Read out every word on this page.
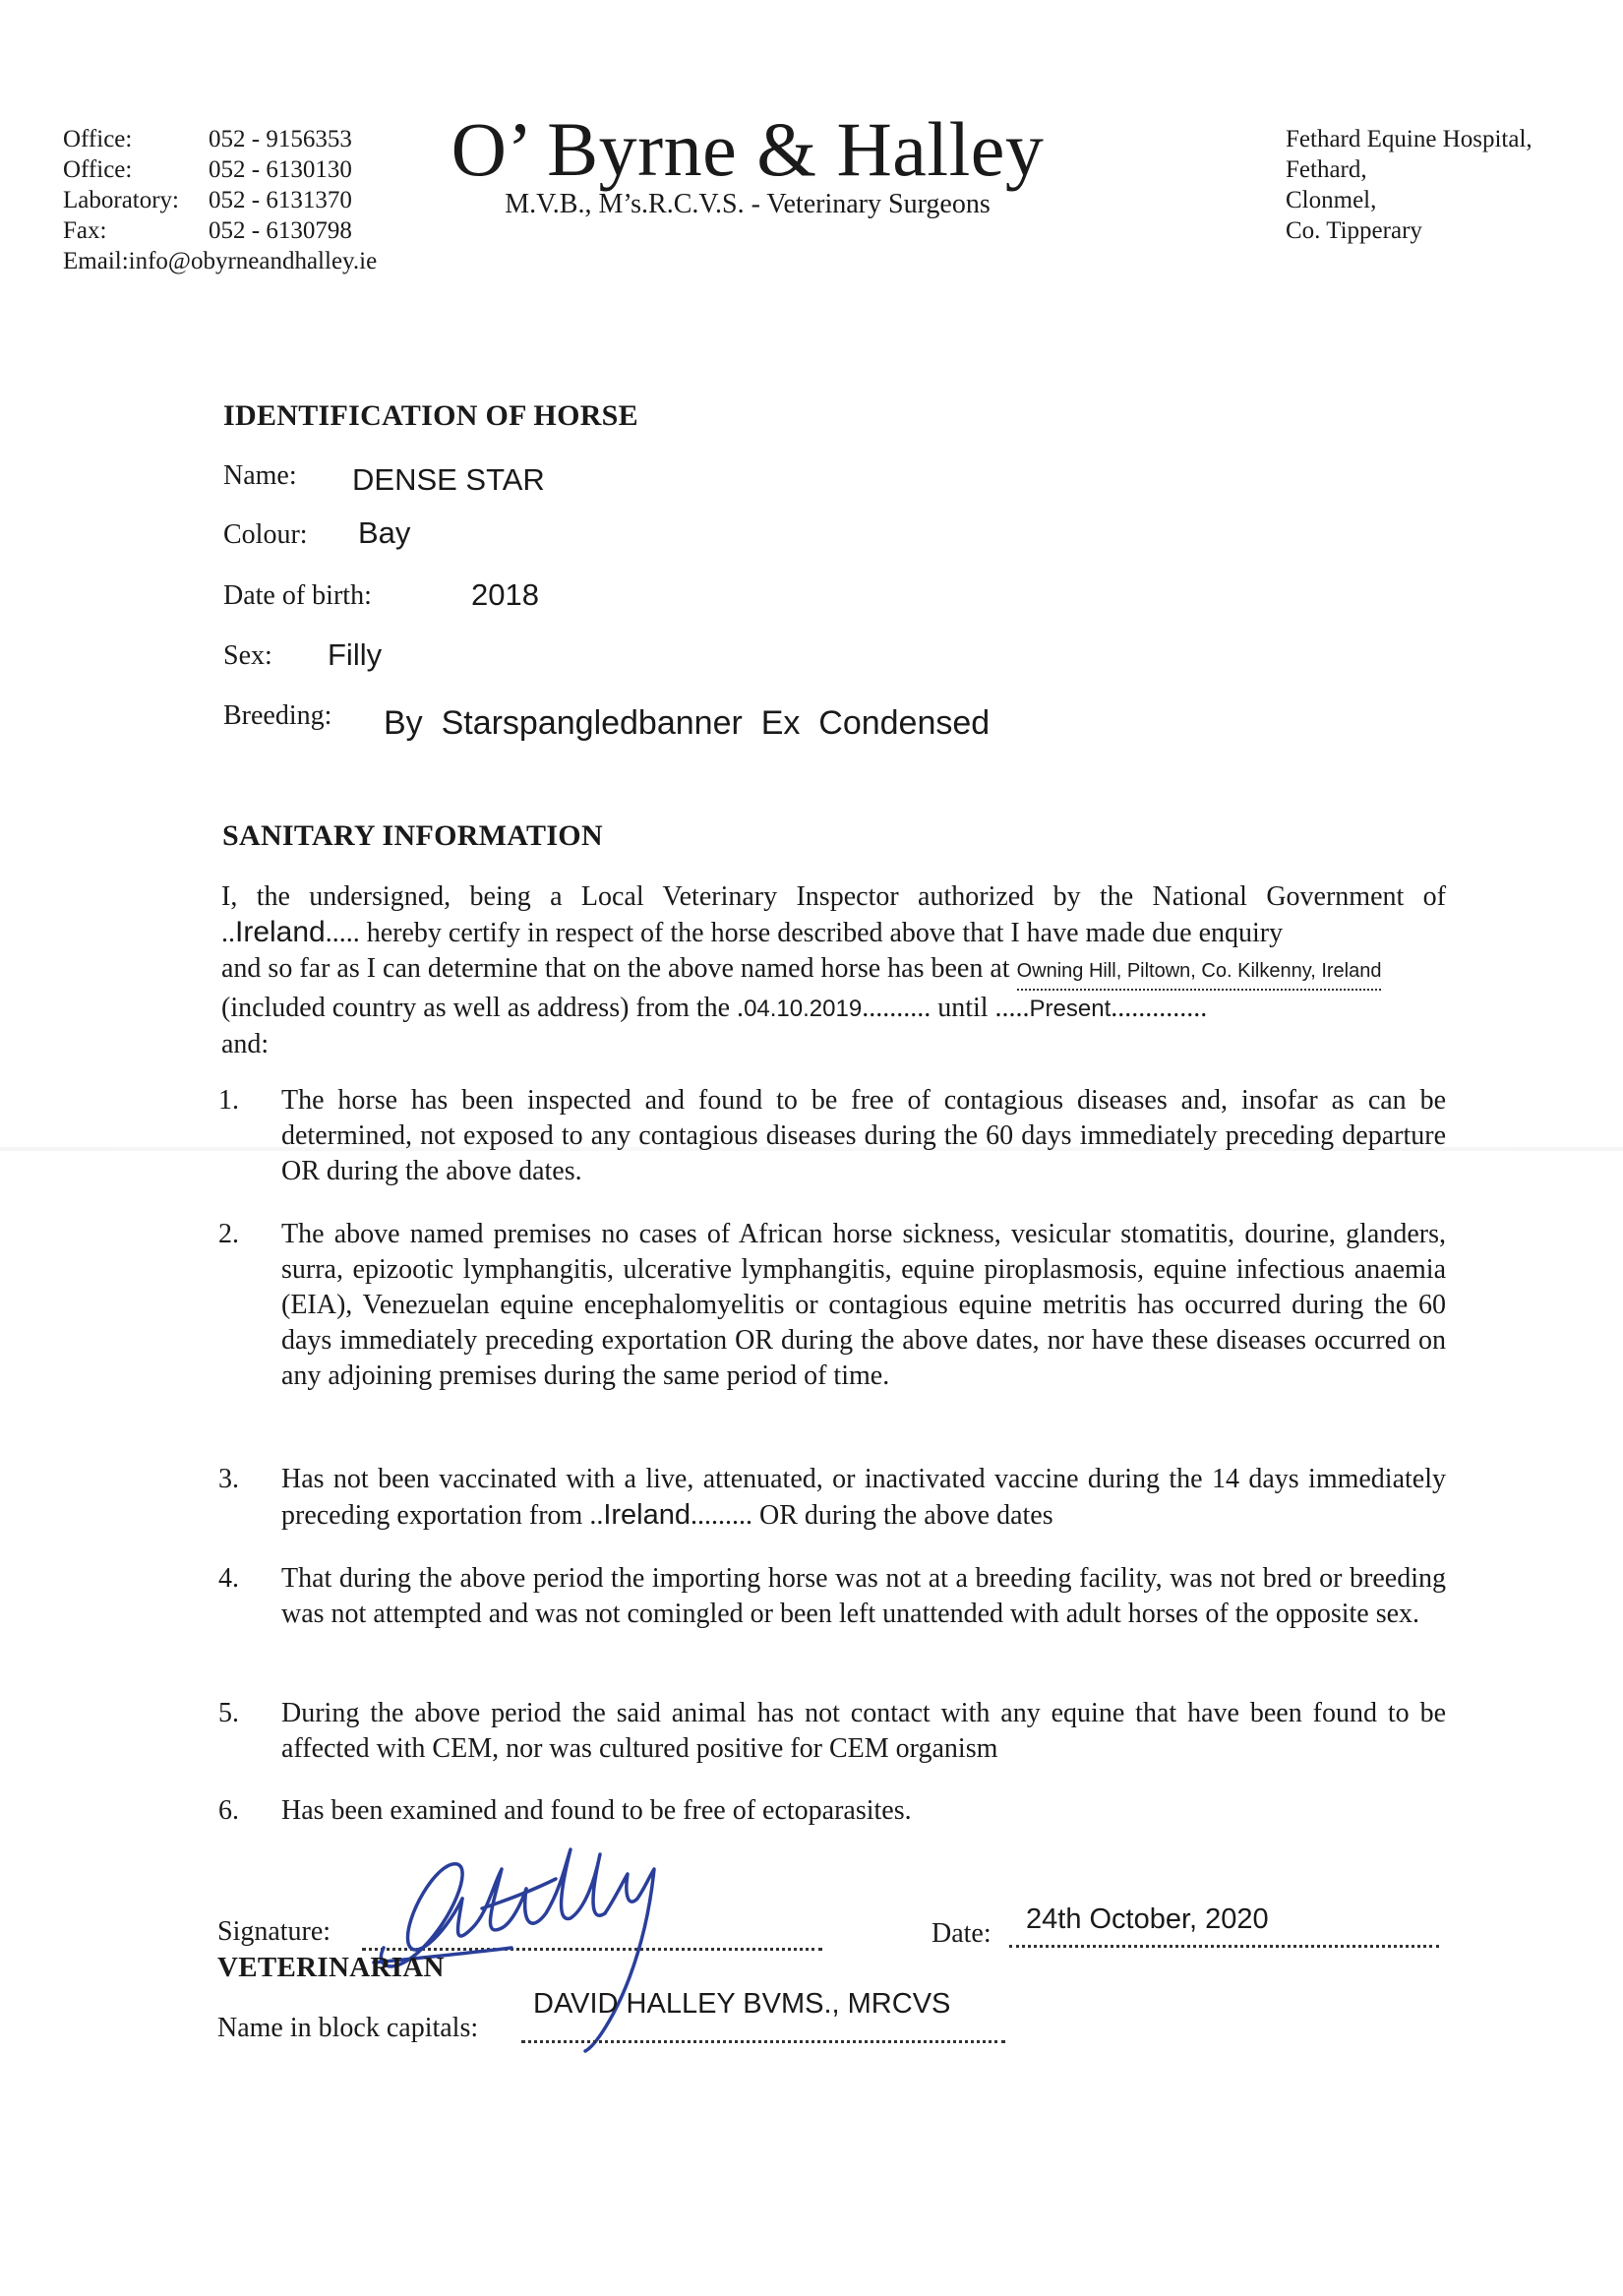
Office:	052 - 9156353
Office:	052 - 6130130
Laboratory:	052 - 6131370
Fax:	052 - 6130798
Email:info@obyrneandhalley.ie
O’ Byrne & Halley
M.V.B., M’s.R.C.V.S. - Veterinary Surgeons
Fethard Equine Hospital,
Fethard,
Clonmel,
Co. Tipperary
IDENTIFICATION OF HORSE
Name: DENSE STAR
Colour: Bay
Date of birth:	2018
Sex: Filly
Breeding: By  Starspangledbanner  Ex  Condensed
SANITARY INFORMATION
I, the undersigned, being a Local Veterinary Inspector authorized by the National Government of
..Ireland..... hereby certify in respect of the horse described above that I have made due enquiry
and so far as I can determine that on the above named horse has been at Owning Hill, Piltown, Co. Kilkenny, Ireland
(included country as well as address) from the .04.10.2019.......... until .....Present..............
and:
1.	The horse has been inspected and found to be free of contagious diseases and, insofar as can be determined, not exposed to any contagious diseases during the 60 days immediately preceding departure OR during the above dates.
2.	The above named premises no cases of African horse sickness, vesicular stomatitis, dourine, glanders, surra, epizootic lymphangitis, ulcerative lymphangitis, equine piroplasmosis, equine infectious anaemia (EIA), Venezuelan equine encephalomyelitis or contagious equine metritis has occurred during the 60 days immediately preceding exportation OR during the above dates, nor have these diseases occurred on any adjoining premises during the same period of time.
3.	Has not been vaccinated with a live, attenuated, or inactivated vaccine during the 14 days immediately preceding exportation from ..Ireland......... OR during the above dates
4.	That during the above period the importing horse was not at a breeding facility, was not bred or breeding was not attempted and was not comingled or been left unattended with adult horses of the opposite sex.
5.	During the above period the said animal has not contact with any equine that have been found to be affected with CEM, nor was cultured positive for CEM organism
6.	Has been examined and found to be free of ectoparasites.
Signature:	Date: 24th October, 2020
VETERINARIAN
Name in block capitals:
DAVID HALLEY BVMS., MRCVS
